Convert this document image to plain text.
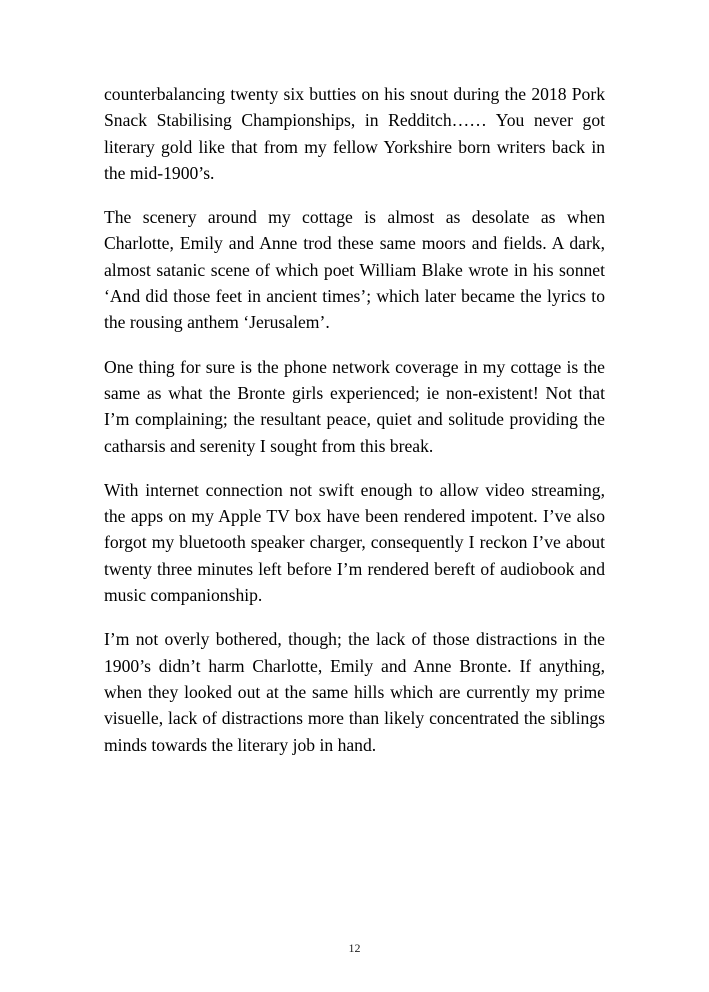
counterbalancing twenty six butties on his snout during the 2018 Pork Snack Stabilising Championships, in Redditch…… You never got literary gold like that from my fellow Yorkshire born writers back in the mid-1900’s.

The scenery around my cottage is almost as desolate as when Charlotte, Emily and Anne trod these same moors and fields. A dark, almost satanic scene of which poet William Blake wrote in his sonnet ‘And did those feet in ancient times’; which later became the lyrics to the rousing anthem ‘Jerusalem’.

One thing for sure is the phone network coverage in my cottage is the same as what the Bronte girls experienced; ie non-existent! Not that I’m complaining; the resultant peace, quiet and solitude providing the catharsis and serenity I sought from this break.

With internet connection not swift enough to allow video streaming, the apps on my Apple TV box have been rendered impotent. I’ve also forgot my bluetooth speaker charger, consequently I reckon I’ve about twenty three minutes left before I’m rendered bereft of audiobook and music companionship.

I’m not overly bothered, though; the lack of those distractions in the 1900’s didn’t harm Charlotte, Emily and Anne Bronte. If anything, when they looked out at the same hills which are currently my prime visuelle, lack of distractions more than likely concentrated the siblings minds towards the literary job in hand.

12
